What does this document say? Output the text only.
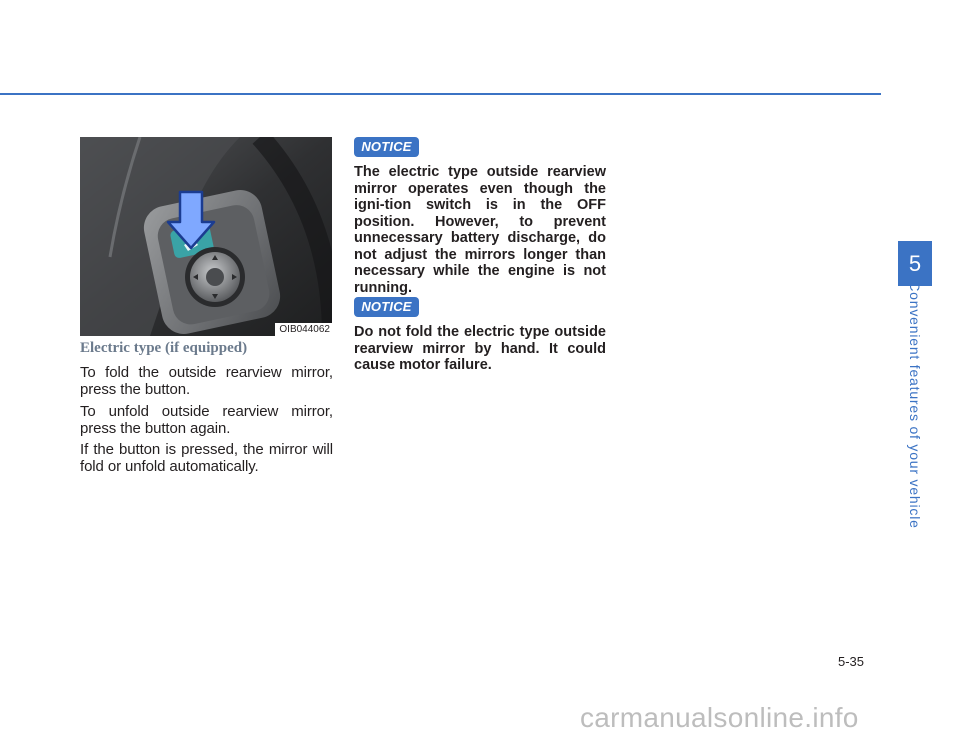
OIB044062
Electric type (if equipped)

To fold the outside rearview mirror, press the button.

To unfold outside rearview mirror, press the button again.

If the button is pressed, the mirror will fold or unfold automatically.

NOTICE

The electric type outside rearview mirror operates even though the igni-tion switch is in the OFF position. However, to prevent unnecessary battery discharge, do not adjust the mirrors longer than necessary while the engine is not running.

NOTICE

Do not fold the electric type outside rearview mirror by hand. It could cause motor failure.

5
Convenient features of your vehicle
5-35
carmanualsonline.info
